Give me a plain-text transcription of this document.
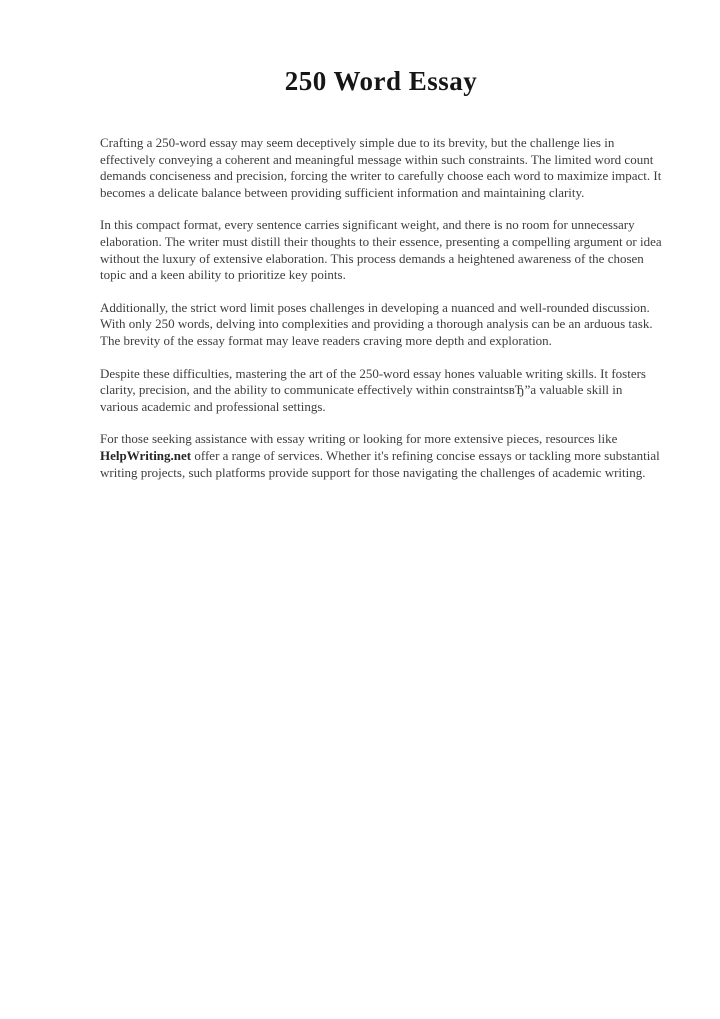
250 Word Essay

Crafting a 250-word essay may seem deceptively simple due to its brevity, but the challenge lies in effectively conveying a coherent and meaningful message within such constraints. The limited word count demands conciseness and precision, forcing the writer to carefully choose each word to maximize impact. It becomes a delicate balance between providing sufficient information and maintaining clarity.

In this compact format, every sentence carries significant weight, and there is no room for unnecessary elaboration. The writer must distill their thoughts to their essence, presenting a compelling argument or idea without the luxury of extensive elaboration. This process demands a heightened awareness of the chosen topic and a keen ability to prioritize key points.

Additionally, the strict word limit poses challenges in developing a nuanced and well-rounded discussion. With only 250 words, delving into complexities and providing a thorough analysis can be an arduous task. The brevity of the essay format may leave readers craving more depth and exploration.

Despite these difficulties, mastering the art of the 250-word essay hones valuable writing skills. It fosters clarity, precision, and the ability to communicate effectively within constraintsвЂ”a valuable skill in various academic and professional settings.

For those seeking assistance with essay writing or looking for more extensive pieces, resources like HelpWriting.net offer a range of services. Whether it's refining concise essays or tackling more substantial writing projects, such platforms provide support for those navigating the challenges of academic writing.
